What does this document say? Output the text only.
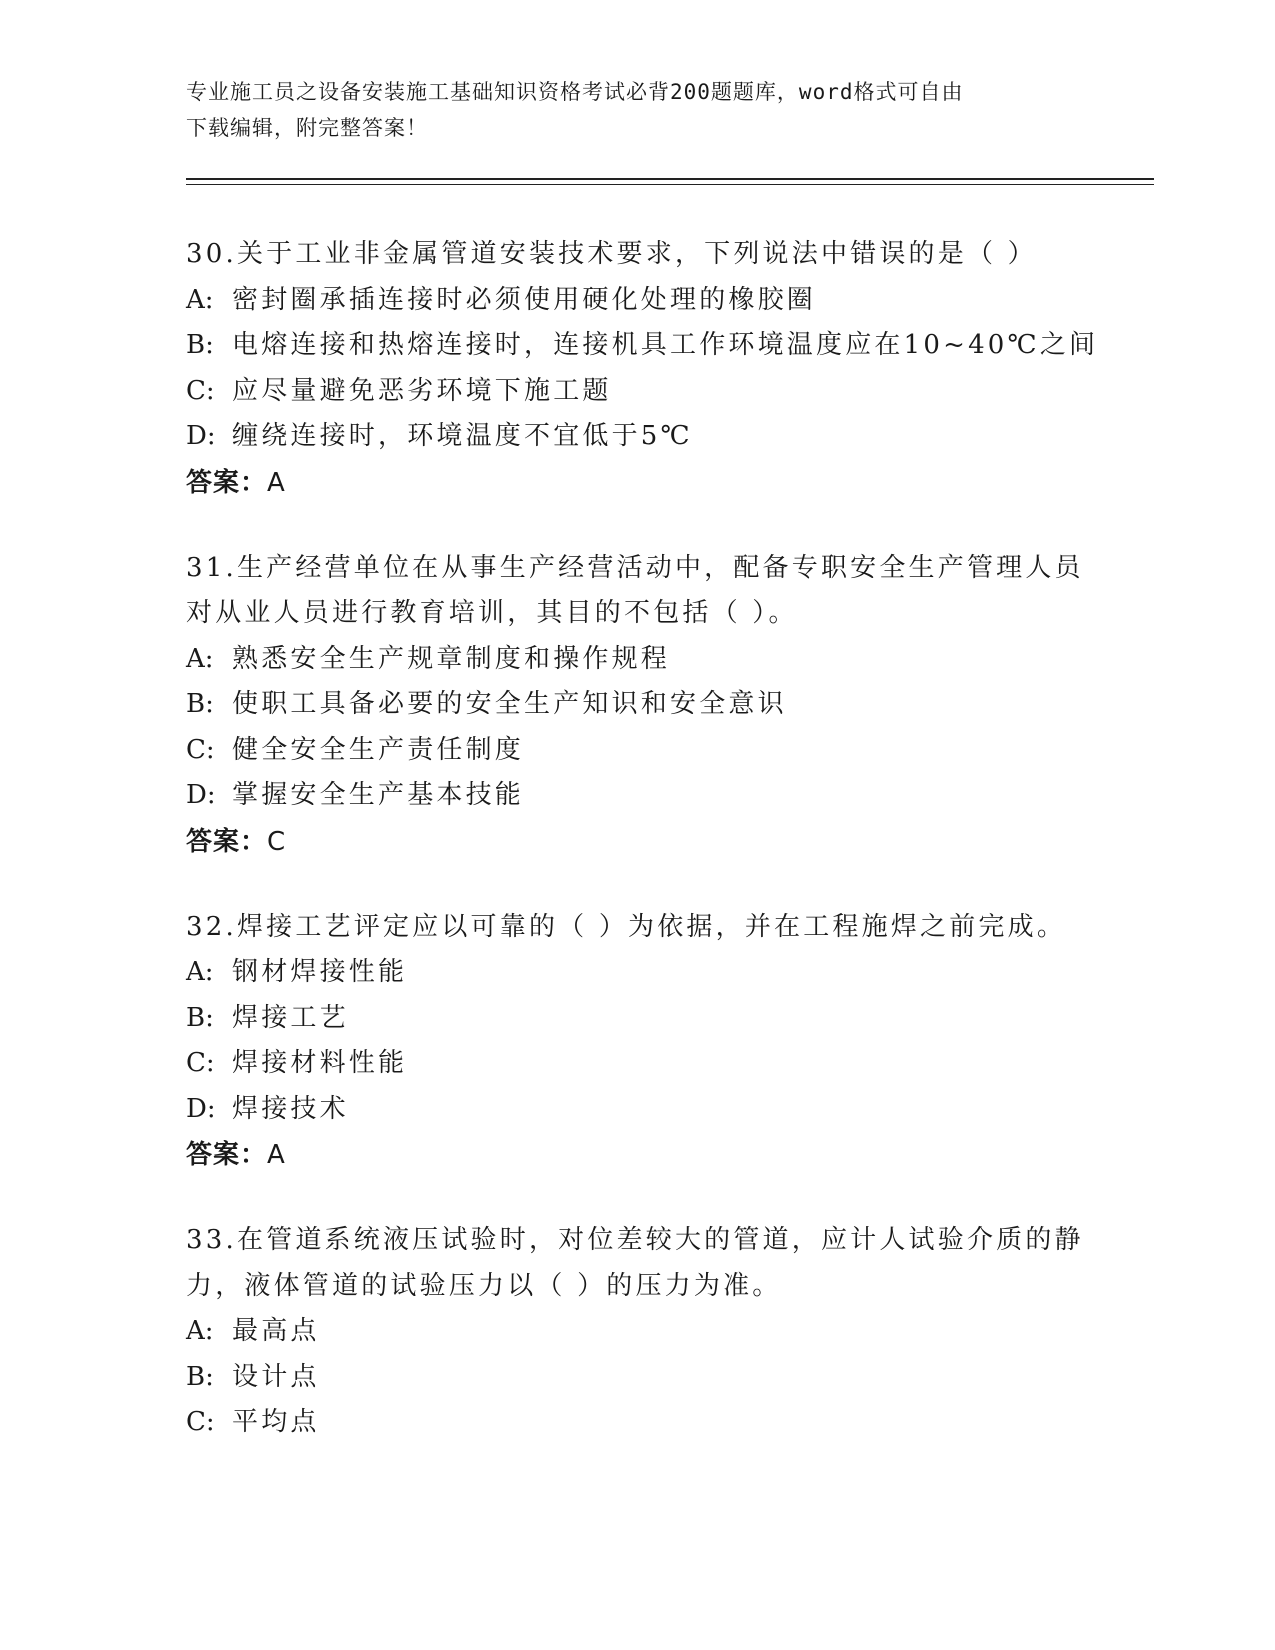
专业施工员之设备安装施工基础知识资格考试必背200题题库，word格式可自由
下载编辑，附完整答案！
30.关于工业非金属管道安装技术要求，下列说法中错误的是（ ）
A: 密封圈承插连接时必须使用硬化处理的橡胶圈
B: 电熔连接和热熔连接时，连接机具工作环境温度应在10~40℃之间
C: 应尽量避免恶劣环境下施工题
D: 缠绕连接时，环境温度不宜低于5℃
答案：A
31.生产经营单位在从事生产经营活动中，配备专职安全生产管理人员
对从业人员进行教育培训，其目的不包括（ ）。
A: 熟悉安全生产规章制度和操作规程
B: 使职工具备必要的安全生产知识和安全意识
C: 健全安全生产责任制度
D: 掌握安全生产基本技能
答案：C
32.焊接工艺评定应以可靠的（ ）为依据，并在工程施焊之前完成。
A: 钢材焊接性能
B: 焊接工艺
C: 焊接材料性能
D: 焊接技术
答案：A
33.在管道系统液压试验时，对位差较大的管道，应计人试验介质的静
力，液体管道的试验压力以（ ）的压力为准。
A: 最高点
B: 设计点
C: 平均点
